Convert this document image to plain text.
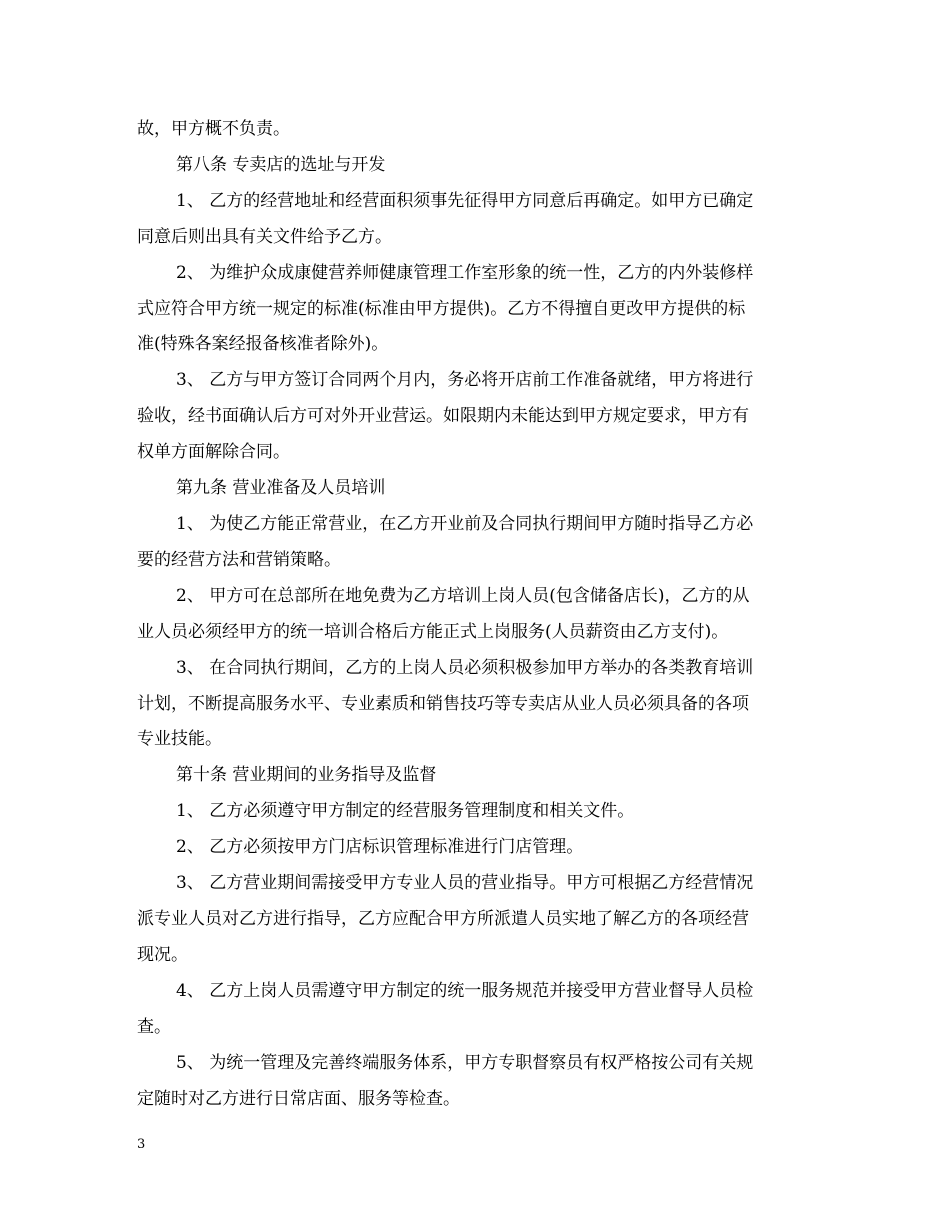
故，甲方概不负责。
第八条 专卖店的选址与开发
1、 乙方的经营地址和经营面积须事先征得甲方同意后再确定。如甲方已确定
同意后则出具有关文件给予乙方。
2、 为维护众成康健营养师健康管理工作室形象的统一性，乙方的内外装修样
式应符合甲方统一规定的标准(标准由甲方提供)。乙方不得擅自更改甲方提供的标
准(特殊各案经报备核准者除外)。
3、 乙方与甲方签订合同两个月内，务必将开店前工作准备就绪，甲方将进行
验收，经书面确认后方可对外开业营运。如限期内未能达到甲方规定要求，甲方有
权单方面解除合同。
第九条 营业准备及人员培训
1、 为使乙方能正常营业，在乙方开业前及合同执行期间甲方随时指导乙方必
要的经营方法和营销策略。
2、 甲方可在总部所在地免费为乙方培训上岗人员(包含储备店长)，乙方的从
业人员必须经甲方的统一培训合格后方能正式上岗服务(人员薪资由乙方支付)。
3、 在合同执行期间，乙方的上岗人员必须积极参加甲方举办的各类教育培训
计划，不断提高服务水平、专业素质和销售技巧等专卖店从业人员必须具备的各项
专业技能。
第十条 营业期间的业务指导及监督
1、 乙方必须遵守甲方制定的经营服务管理制度和相关文件。
2、 乙方必须按甲方门店标识管理标准进行门店管理。
3、 乙方营业期间需接受甲方专业人员的营业指导。甲方可根据乙方经营情况
派专业人员对乙方进行指导，乙方应配合甲方所派遣人员实地了解乙方的各项经营
现况。
4、 乙方上岗人员需遵守甲方制定的统一服务规范并接受甲方营业督导人员检
查。
5、 为统一管理及完善终端服务体系，甲方专职督察员有权严格按公司有关规
定随时对乙方进行日常店面、服务等检查。
3
